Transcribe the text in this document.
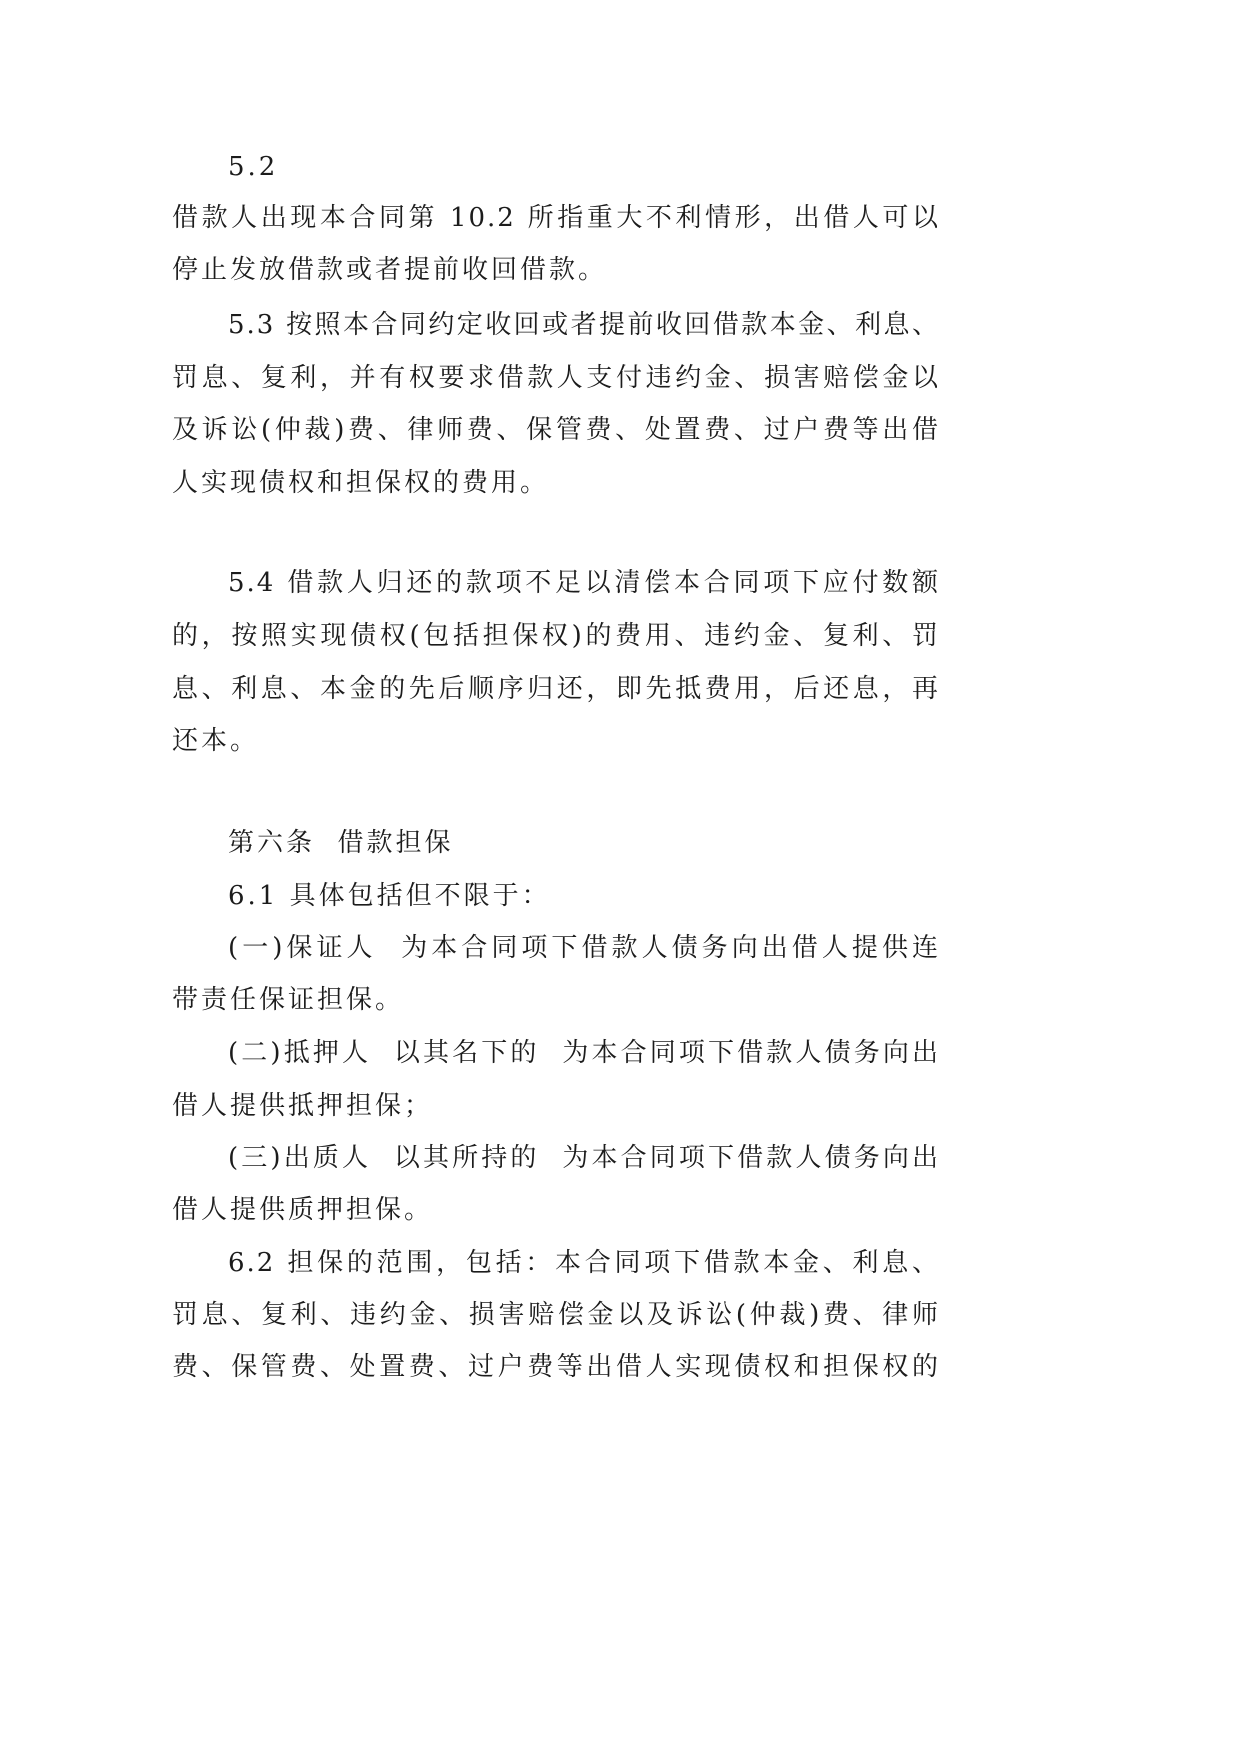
5.2
借款人出现本合同第 10.2 所指重大不利情形，出借人可以
停止发放借款或者提前收回借款。
5.3 按照本合同约定收回或者提前收回借款本金、利息、
罚息、复利，并有权要求借款人支付违约金、损害赔偿金以
及诉讼(仲裁)费、律师费、保管费、处置费、过户费等出借
人实现债权和担保权的费用。
5.4 借款人归还的款项不足以清偿本合同项下应付数额
的，按照实现债权(包括担保权)的费用、违约金、复利、罚
息、利息、本金的先后顺序归还，即先抵费用，后还息，再
还本。
第六条  借款担保
6.1 具体包括但不限于：
(一)保证人  为本合同项下借款人债务向出借人提供连
带责任保证担保。
(二)抵押人  以其名下的  为本合同项下借款人债务向出
借人提供抵押担保；
(三)出质人  以其所持的  为本合同项下借款人债务向出
借人提供质押担保。
6.2 担保的范围，包括：本合同项下借款本金、利息、
罚息、复利、违约金、损害赔偿金以及诉讼(仲裁)费、律师
费、保管费、处置费、过户费等出借人实现债权和担保权的
